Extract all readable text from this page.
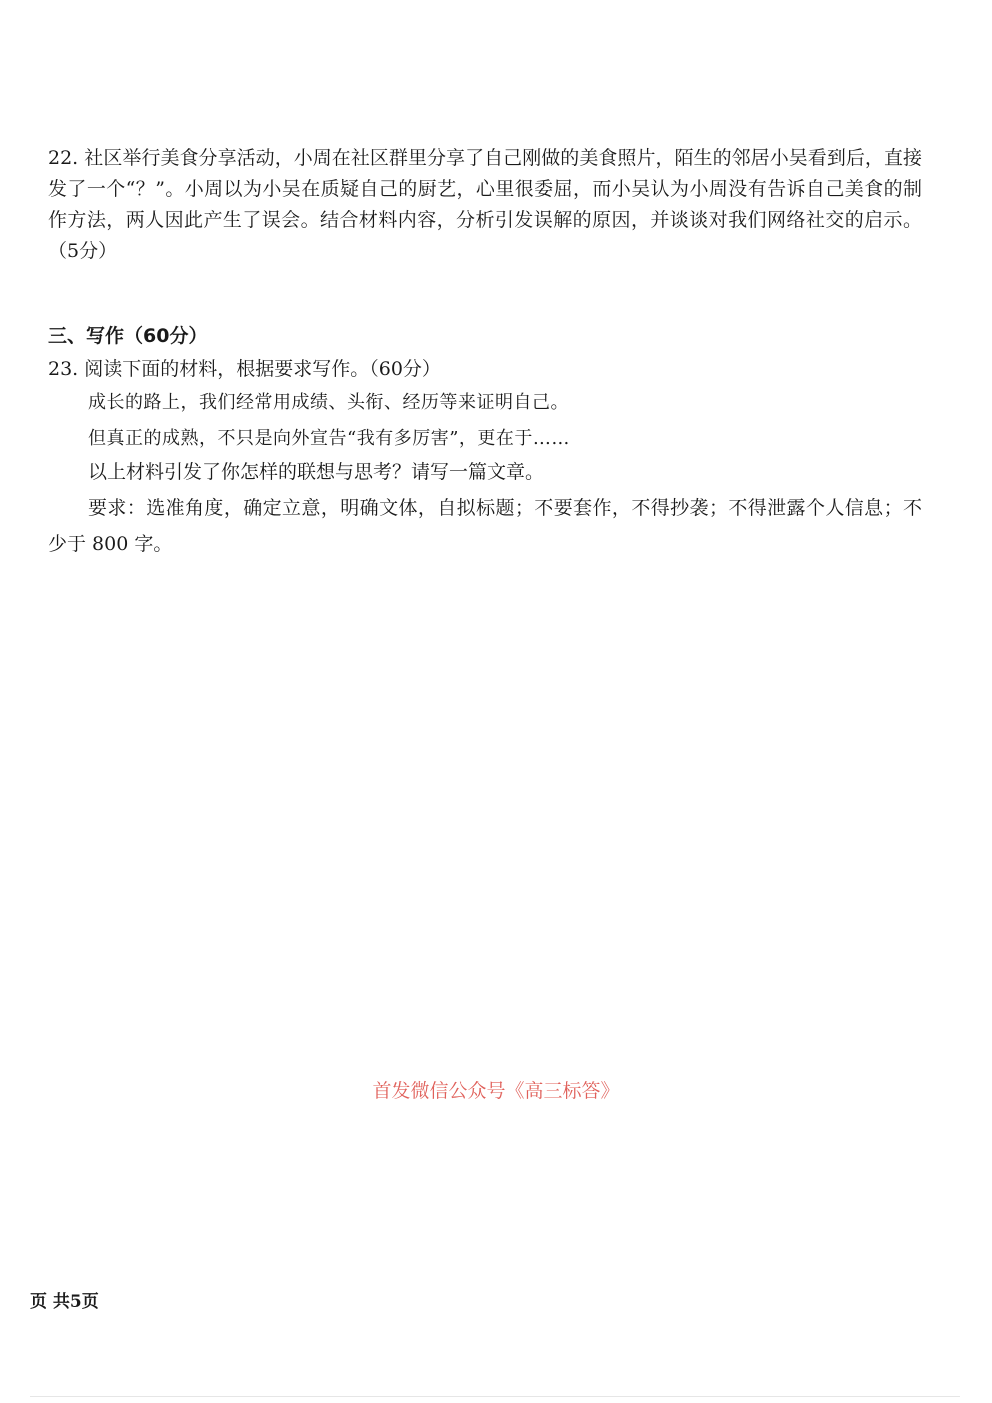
22. 社区举行美食分享活动，小周在社区群里分享了自己刚做的美食照片，陌生的邻居小吴看到后，直接发了一个“？”。小周以为小吴在质疑自己的厨艺，心里很委屈，而小吴认为小周没有告诉自己美食的制作方法，两人因此产生了误会。结合材料内容，分析引发误解的原因，并谈谈对我们网络社交的启示。（5分）
三、写作（60分）
23. 阅读下面的材料，根据要求写作。（60分）
成长的路上，我们经常用成绩、头衔、经历等来证明自己。
但真正的成熟，不只是向外宣告“我有多厉害”，更在于……
以上材料引发了你怎样的联想与思考？请写一篇文章。
要求：选准角度，确定立意，明确文体，自拟标题；不要套作，不得抄袭；不得泄露个人信息；不少于 800 字。
首发微信公众号《高三标答》
页 共5页
